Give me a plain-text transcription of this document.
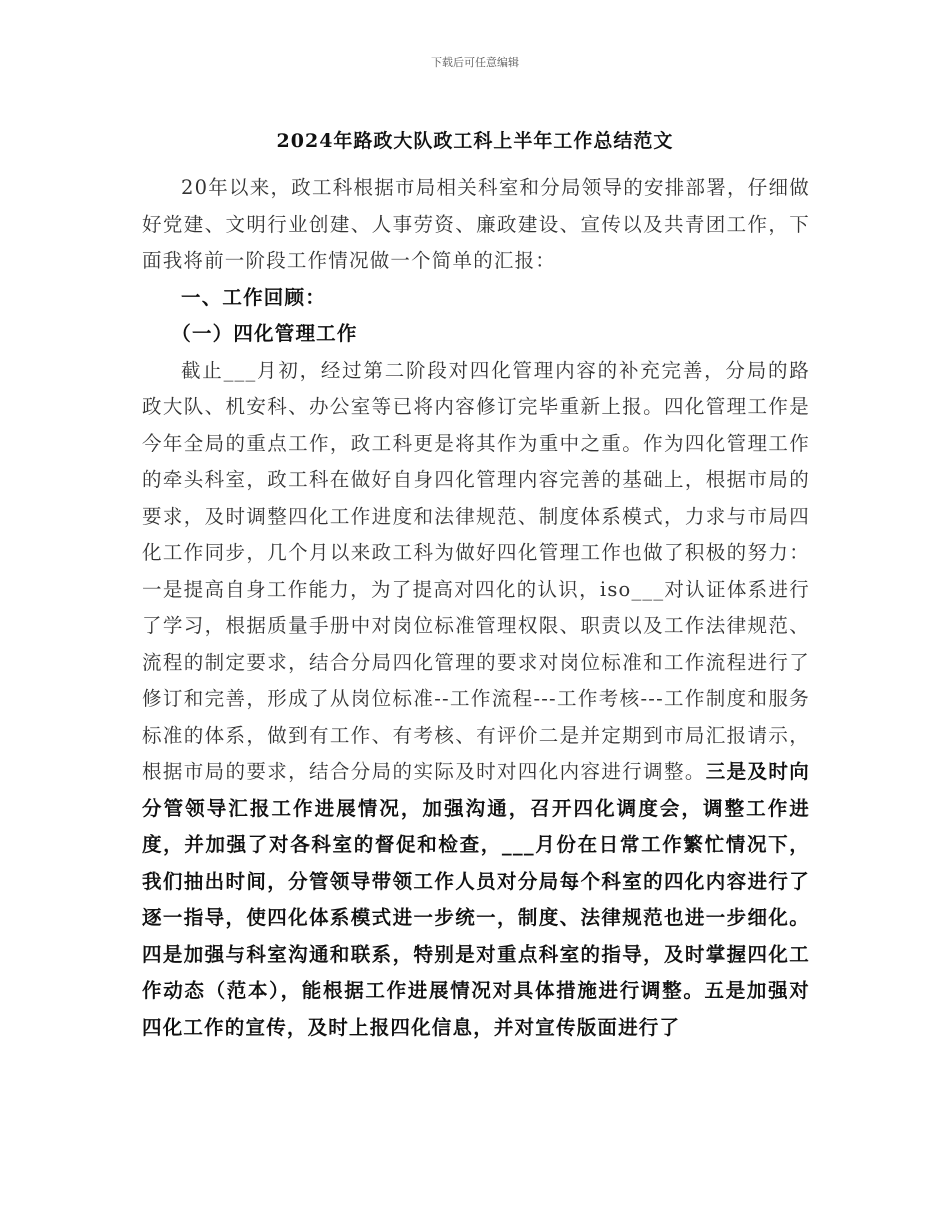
下载后可任意编辑
2024年路政大队政工科上半年工作总结范文

20年以来，政工科根据市局相关科室和分局领导的安排部署，仔细做好党建、文明行业创建、人事劳资、廉政建设、宣传以及共青团工作，下面我将前一阶段工作情况做一个简单的汇报：

一、工作回顾：

（一）四化管理工作

截止___月初，经过第二阶段对四化管理内容的补充完善，分局的路政大队、机安科、办公室等已将内容修订完毕重新上报。四化管理工作是今年全局的重点工作，政工科更是将其作为重中之重。作为四化管理工作的牵头科室，政工科在做好自身四化管理内容完善的基础上，根据市局的要求，及时调整四化工作进度和法律规范、制度体系模式，力求与市局四化工作同步，几个月以来政工科为做好四化管理工作也做了积极的努力：一是提高自身工作能力，为了提高对四化的认识，iso___对认证体系进行了学习，根据质量手册中对岗位标准管理权限、职责以及工作法律规范、流程的制定要求，结合分局四化管理的要求对岗位标准和工作流程进行了修订和完善，形成了从岗位标准--工作流程---工作考核---工作制度和服务标准的体系，做到有工作、有考核、有评价二是并定期到市局汇报请示，根据市局的要求，结合分局的实际及时对四化内容进行调整。三是及时向分管领导汇报工作进展情况，加强沟通，召开四化调度会，调整工作进度，并加强了对各科室的督促和检查，___月份在日常工作繁忙情况下，我们抽出时间，分管领导带领工作人员对分局每个科室的四化内容进行了逐一指导，使四化体系模式进一步统一，制度、法律规范也进一步细化。四是加强与科室沟通和联系，特别是对重点科室的指导，及时掌握四化工作动态（范本），能根据工作进展情况对具体措施进行调整。五是加强对四化工作的宣传，及时上报四化信息，并对宣传版面进行了
